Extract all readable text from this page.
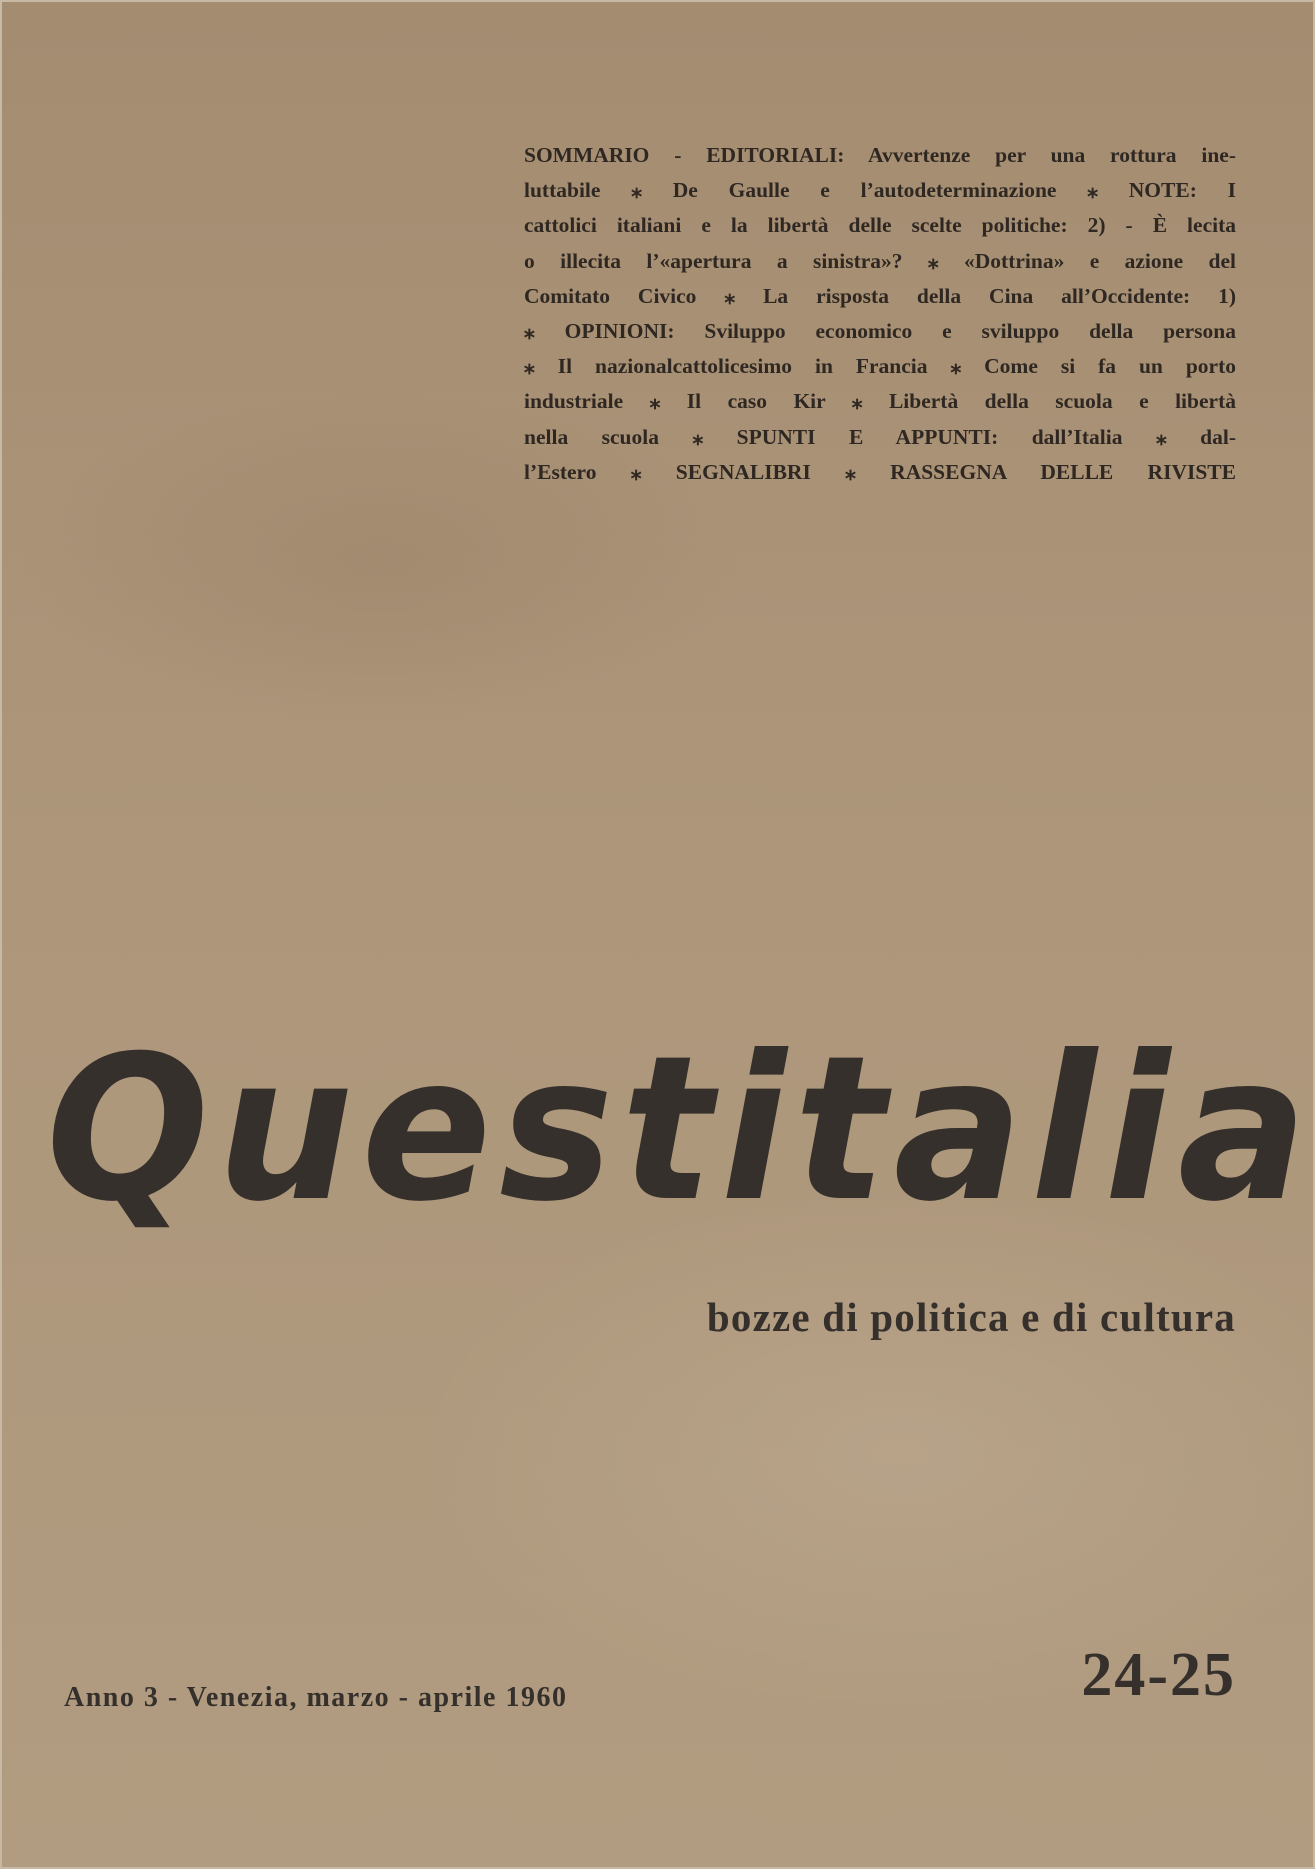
SOMMARIO - EDITORIALI: Avvertenze per una rottura ine-
luttabile ⁎ De Gaulle e l’autodeterminazione ⁎ NOTE: I
cattolici italiani e la libertà delle scelte politiche: 2) - È lecita
o illecita l’«apertura a sinistra»? ⁎ «Dottrina» e azione del
Comitato Civico ⁎ La risposta della Cina all’Occidente: 1)
⁎ OPINIONI: Sviluppo economico e sviluppo della persona
⁎ Il nazionalcattolicesimo in Francia ⁎ Come si fa un porto
industriale ⁎ Il caso Kir ⁎ Libertà della scuola e libertà
nella scuola ⁎ SPUNTI E APPUNTI: dall’Italia ⁎ dal-
l’Estero ⁎ SEGNALIBRI ⁎ RASSEGNA DELLE RIVISTE
Questitalia
bozze di politica e di cultura
Anno 3 - Venezia, marzo - aprile 1960	24-25
